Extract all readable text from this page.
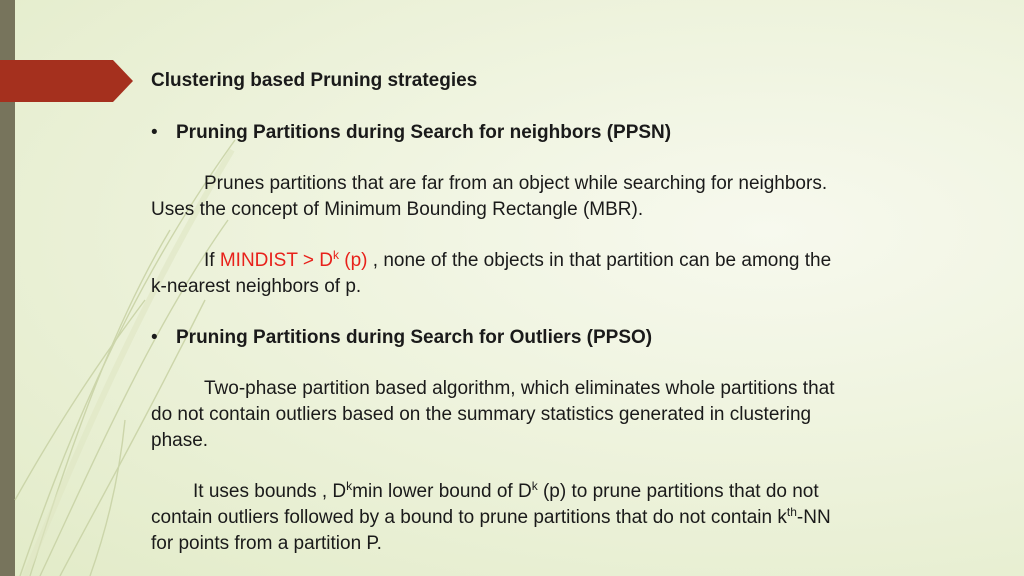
Clustering based Pruning strategies
• Pruning Partitions during Search for neighbors (PPSN)
Prunes partitions that are far from an object while searching for neighbors.
Uses the concept of Minimum Bounding Rectangle (MBR).
If MINDIST > $D^k$ (p) , none of the objects in that partition can be among the
k-nearest neighbors of p.
• Pruning Partitions during Search for Outliers (PPSO)
Two-phase partition based algorithm, which eliminates whole partitions that
do not contain outliers based on the summary statistics generated in clustering
phase.
It uses bounds , $D^k\min$ lower bound of $D^k$ (p) to prune partitions that do not
contain outliers followed by a bound to prune partitions that do not contain $k^{th}-NN$
for points from a partition P.
